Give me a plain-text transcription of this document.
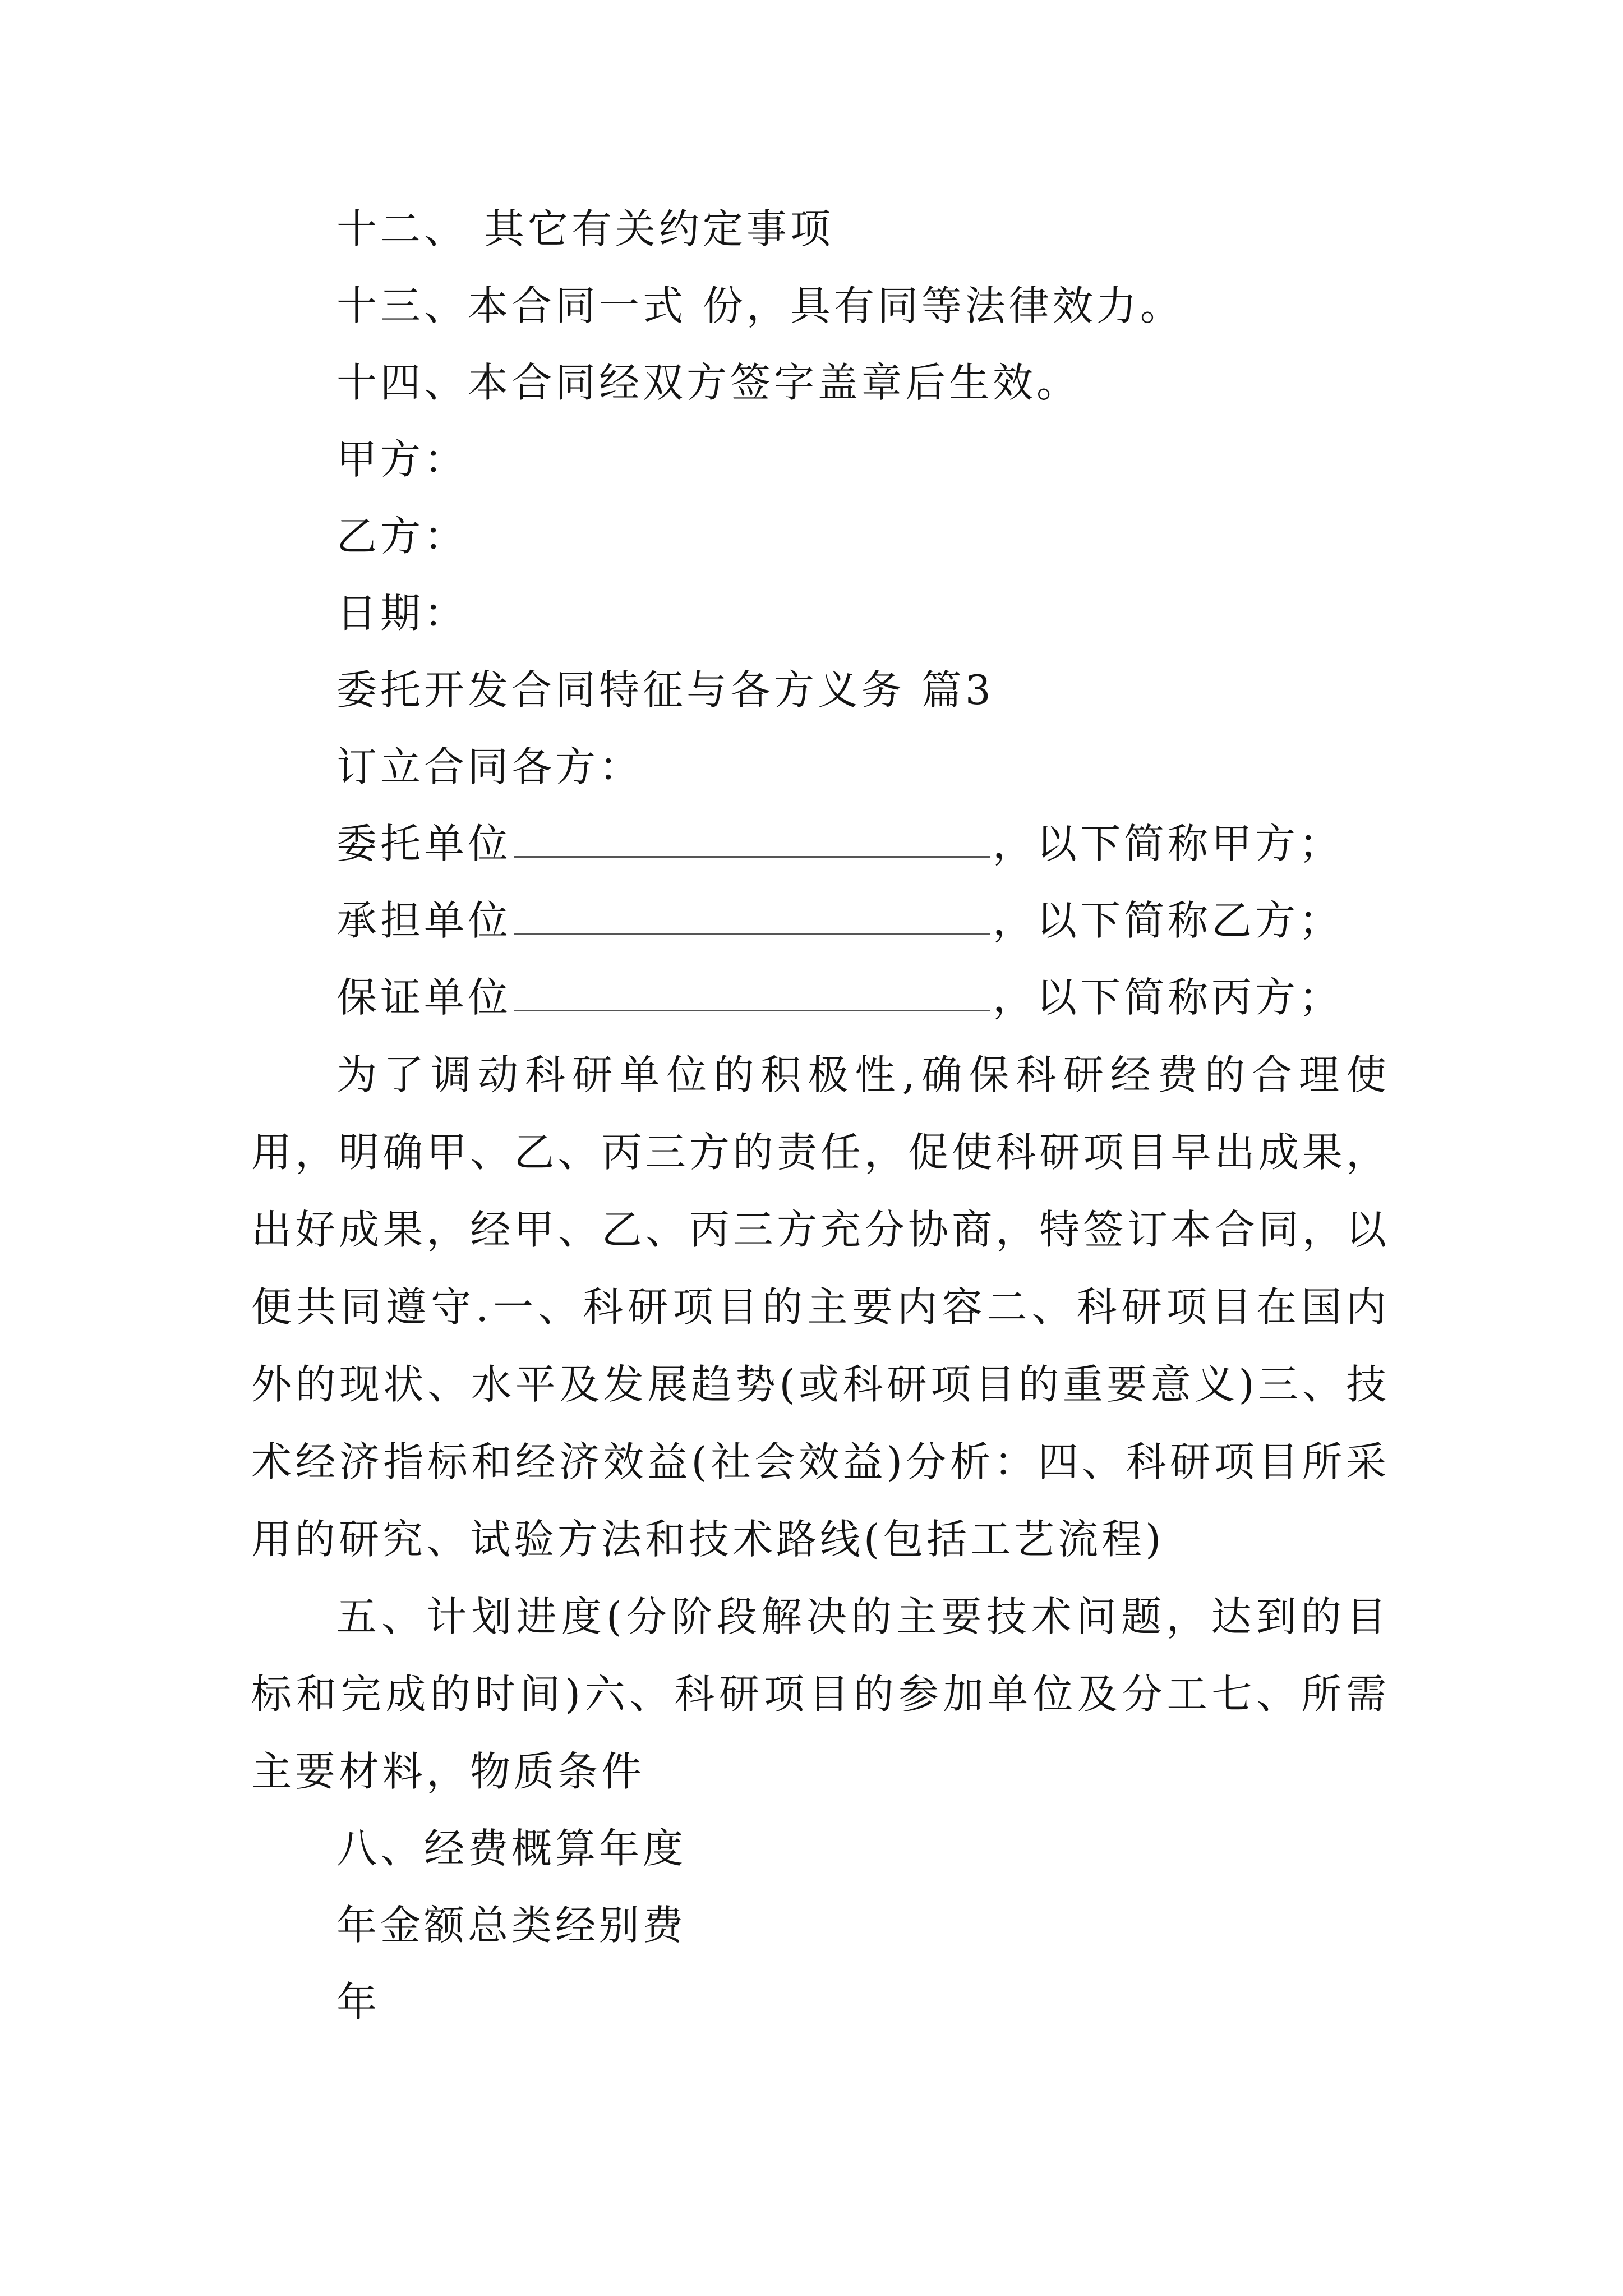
十二、 其它有关约定事项
十三、本合同一式 份，具有同等法律效力。
十四、本合同经双方签字盖章后生效。
甲方：
乙方：
日期：
委托开发合同特征与各方义务 篇3
订立合同各方：
委托单位	，以下简称甲方；
承担单位	，以下简称乙方；
保证单位	，以下简称丙方；

为了调动科研单位的积极性,确保科研经费的合理使用，明确甲、乙、丙三方的责任，促使科研项目早出成果，出好成果，经甲、乙、丙三方充分协商，特签订本合同，以便共同遵守.一、科研项目的主要内容二、科研项目在国内外的现状、水平及发展趋势(或科研项目的重要意义)三、技术经济指标和经济效益(社会效益)分析：四、科研项目所采用的研究、试验方法和技术路线(包括工艺流程)

五、计划进度(分阶段解决的主要技术问题，达到的目标和完成的时间)六、科研项目的参加单位及分工七、所需主要材料，物质条件

八、经费概算年度
年金额总类经别费
年
